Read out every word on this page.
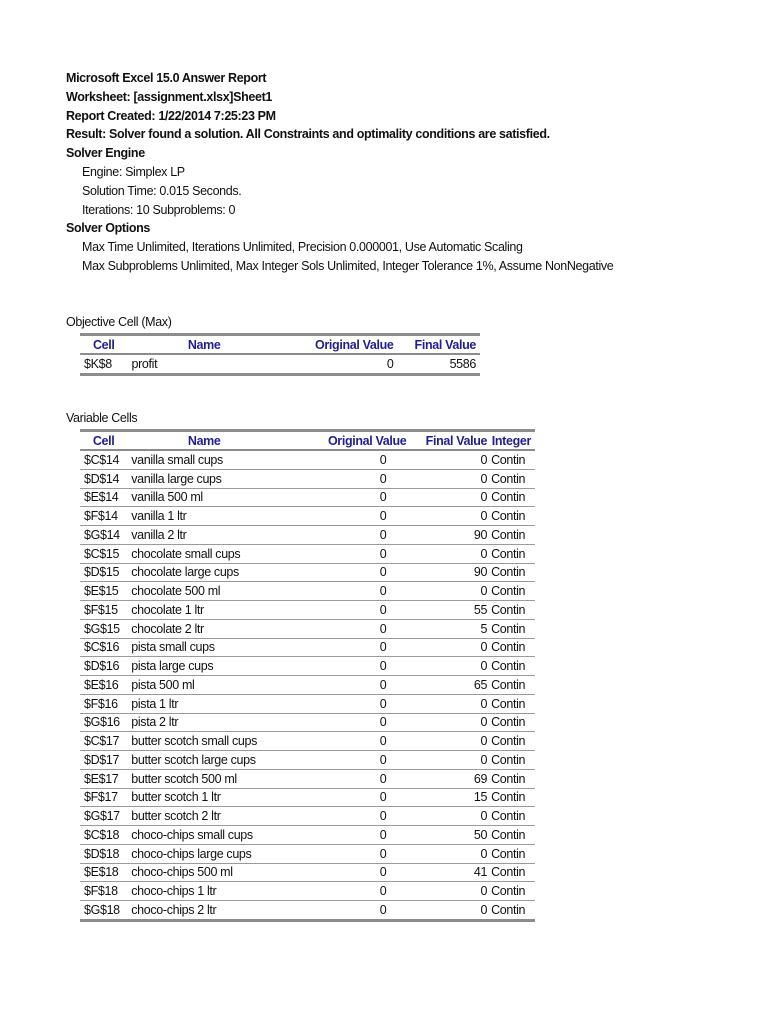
Microsoft Excel 15.0 Answer Report
Worksheet: [assignment.xlsx]Sheet1
Report Created: 1/22/2014 7:25:23 PM
Result: Solver found a solution. All Constraints and optimality conditions are satisfied.
Solver Engine
Engine: Simplex LP
Solution Time: 0.015 Seconds.
Iterations: 10 Subproblems: 0
Solver Options
Max Time Unlimited, Iterations Unlimited, Precision 0.000001, Use Automatic Scaling
Max Subproblems Unlimited, Max Integer Sols Unlimited, Integer Tolerance 1%, Assume NonNegative
Objective Cell (Max)
Cell	Name	Original Value	Final Value
$K$8	profit	0	5586
Variable Cells
Cell	Name	Original Value	Final Value	Integer
$C$14	vanilla small cups	0	0	Contin
$D$14	vanilla large cups	0	0	Contin
$E$14	vanilla 500 ml	0	0	Contin
$F$14	vanilla 1 ltr	0	0	Contin
$G$14	vanilla 2 ltr	0	90	Contin
$C$15	chocolate small cups	0	0	Contin
$D$15	chocolate large cups	0	90	Contin
$E$15	chocolate 500 ml	0	0	Contin
$F$15	chocolate 1 ltr	0	55	Contin
$G$15	chocolate 2 ltr	0	5	Contin
$C$16	pista small cups	0	0	Contin
$D$16	pista large cups	0	0	Contin
$E$16	pista 500 ml	0	65	Contin
$F$16	pista 1 ltr	0	0	Contin
$G$16	pista 2 ltr	0	0	Contin
$C$17	butter scotch small cups	0	0	Contin
$D$17	butter scotch large cups	0	0	Contin
$E$17	butter scotch 500 ml	0	69	Contin
$F$17	butter scotch 1 ltr	0	15	Contin
$G$17	butter scotch 2 ltr	0	0	Contin
$C$18	choco-chips small cups	0	50	Contin
$D$18	choco-chips large cups	0	0	Contin
$E$18	choco-chips 500 ml	0	41	Contin
$F$18	choco-chips 1 ltr	0	0	Contin
$G$18	choco-chips 2 ltr	0	0	Contin
